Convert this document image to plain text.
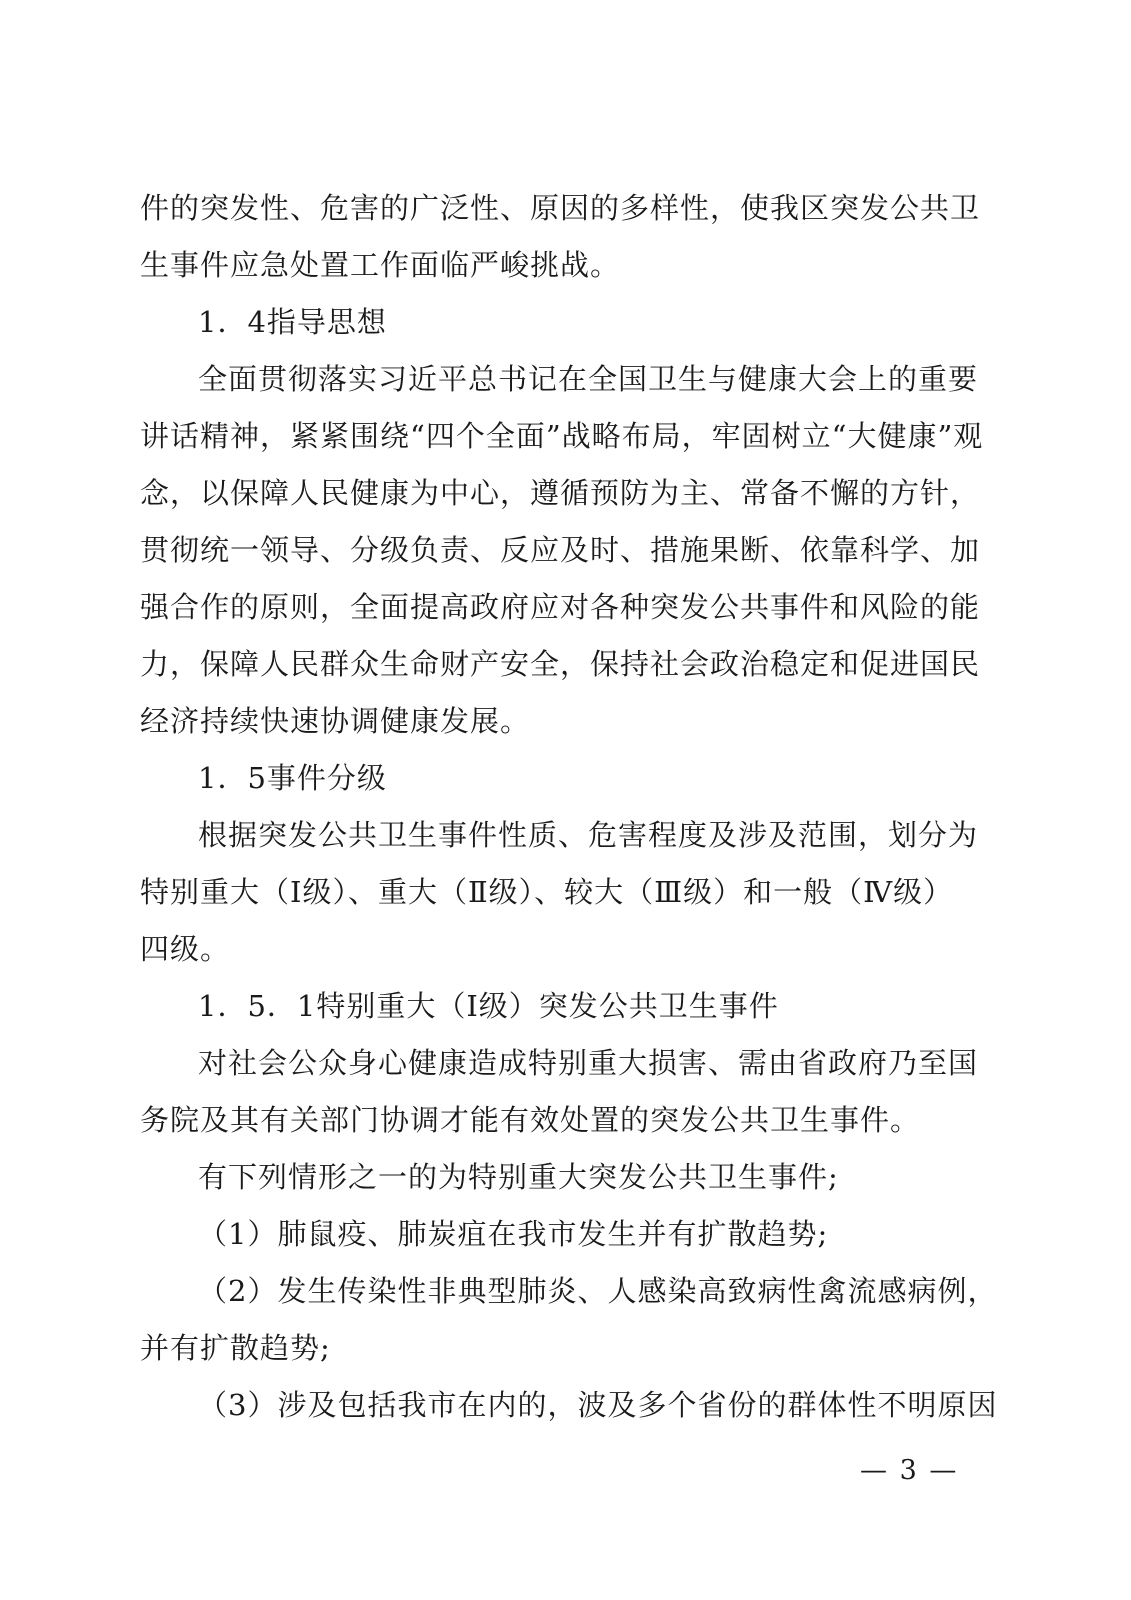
件的突发性、危害的广泛性、原因的多样性，使我区突发公共卫
生事件应急处置工作面临严峻挑战。
1．4指导思想
全面贯彻落实习近平总书记在全国卫生与健康大会上的重要
讲话精神，紧紧围绕“四个全面”战略布局，牢固树立“大健康”观
念，以保障人民健康为中心，遵循预防为主、常备不懈的方针，
贯彻统一领导、分级负责、反应及时、措施果断、依靠科学、加
强合作的原则，全面提高政府应对各种突发公共事件和风险的能
力，保障人民群众生命财产安全，保持社会政治稳定和促进国民
经济持续快速协调健康发展。
1．5事件分级
根据突发公共卫生事件性质、危害程度及涉及范围，划分为
特别重大（Ⅰ级）、重大（Ⅱ级）、较大（Ⅲ级）和一般（Ⅳ级）
四级。
1．5．1特别重大（Ⅰ级）突发公共卫生事件
对社会公众身心健康造成特别重大损害、需由省政府乃至国
务院及其有关部门协调才能有效处置的突发公共卫生事件。
有下列情形之一的为特别重大突发公共卫生事件;
（1）肺鼠疫、肺炭疽在我市发生并有扩散趋势;
（2）发生传染性非典型肺炎、人感染高致病性禽流感病例，
并有扩散趋势;
（3）涉及包括我市在内的，波及多个省份的群体性不明原因
— 3 —
